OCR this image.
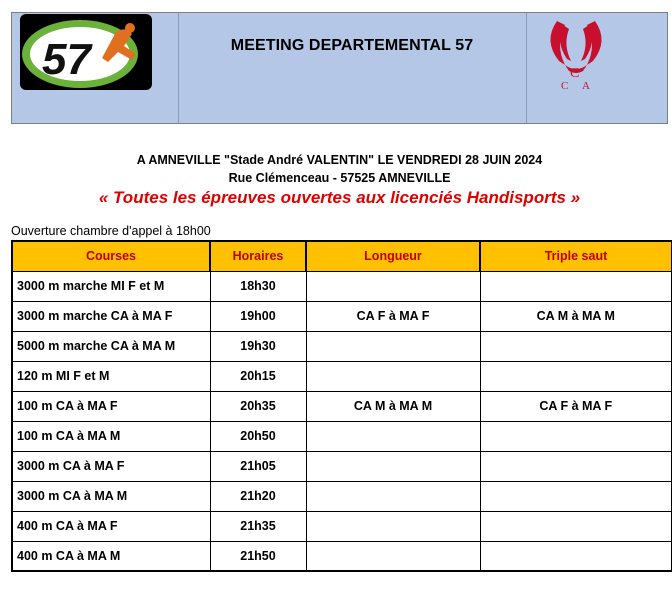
57	MEETING DEPARTEMENTAL 57
C
C A
A AMNEVILLE "Stade André VALENTIN" LE VENDREDI 28 JUIN 2024
Rue Clémenceau - 57525 AMNEVILLE
« Toutes les épreuves ouvertes aux licenciés Handisports »
Ouverture chambre d'appel à 18h00
Courses	Horaires	Longueur	Triple saut
3000 m marche MI F et M	18h30		
3000 m marche CA à MA F	19h00	CA F à MA F	CA M à MA M
5000 m marche CA à MA M	19h30		
120 m MI F et M	20h15		
100 m CA à MA F	20h35	CA M à MA M	CA F à MA F
100 m CA à MA M	20h50		
3000 m CA à MA F	21h05		
3000 m CA à MA M	21h20		
400 m CA à MA F	21h35		
400 m CA à MA M	21h50		
